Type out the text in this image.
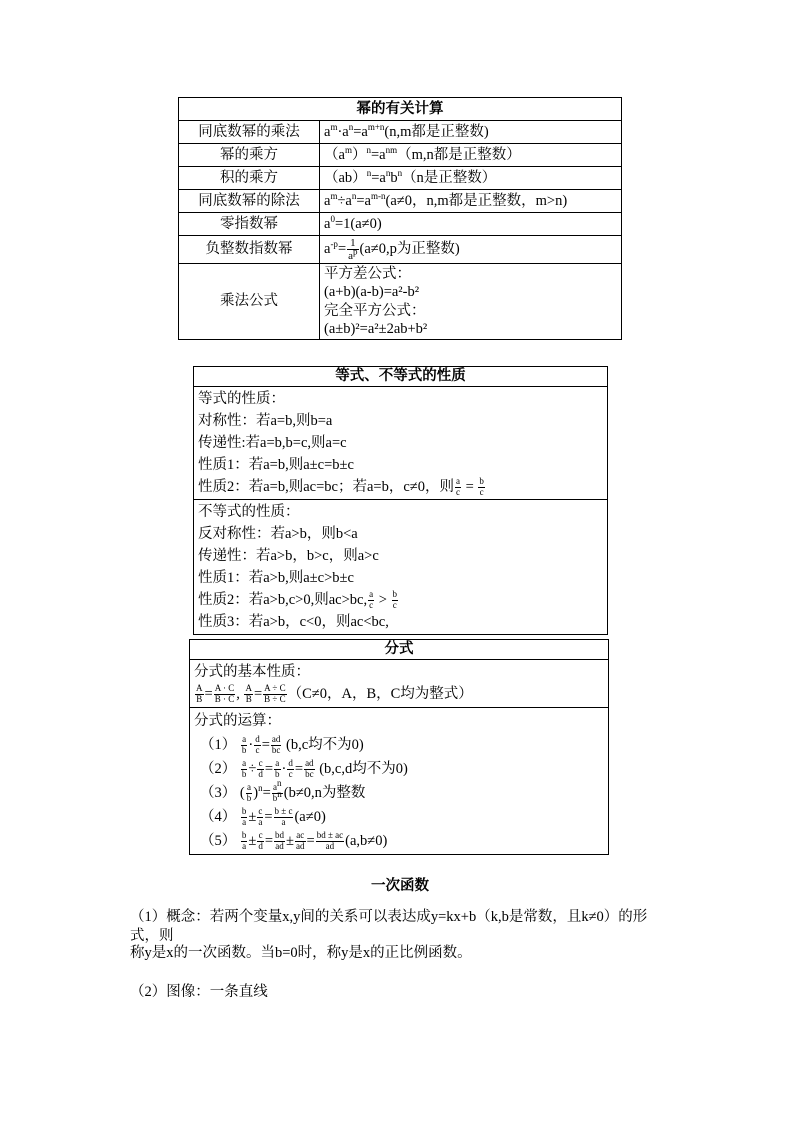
幂的有关计算	
同底数幂的乘法	$a^m\cdot a^n=a^{m+n}(n,m$都是正整数)
幂的乘方	$(a^m)^n=a^{nm}(m,n$都是正整数）
积的乘方	$(ab)^n=a^nb^n(n$是正整数）
同底数幂的除法	$a^m\div a^n=a^{m-n}(a\ne 0$，n,m都是正整数，m>n)
零指数幂	$a^0=1(a\ne 0)$
负整数指数幂	$a^{-p}= \frac{1}{a^p} (a\ne 0,p$为正整数)
乘法公式	平方差公式：
(a+b)(a-b)=a²-b²
完全平方公式：
(a±b)²=a²±2ab+b²
等式、不等式的性质

等式的性质：
对称性：若a=b,则b=a
传递性:若a=b,b=c,则a=c
性质1：若a=b,则a±c=b±c
性质2：若a=b,则ac=bc；若a=b，c≠0，则 $\frac{a}{c} = \frac{b}{c}$

不等式的性质：
反对称性：若a>b，则b<a
传递性：若a>b，b>c，则a>c
性质1：若a>b,则a±c>b±c
性质2：若a>b,c>0,则ac>bc, $\frac{a}{c} > \frac{b}{c}$
性质3：若a>b，c<0，则ac<bc,
分式

分式的基本性质：
$\frac{A}{B} = \frac{A \cdot C}{B \cdot C}$ , $\frac{A}{B} = \frac{A \div C}{B \div C} (C\ne 0$，A，B，C均为整式）

分式的运算：
$(1) \frac{a}{b} \cdot \frac{d}{c} = \frac{ad}{bc} (b,c$均不为0)
$(2) \frac{a}{b} \div \frac{c}{d} = \frac{a}{b} \cdot \frac{d}{c} = \frac{ad}{bc} (b,c,d$均不为0)
（3） ( $\frac{a}{b} )^n= \frac{a^n}{b^n} (b\ne 0,n$为整数
$(4) \frac{b}{a} \pm \frac{c}{a} = \frac{b \pm c}{a} (a\ne 0)$
$(5) \frac{b}{a} \pm \frac{c}{d} = \frac{bd}{ad} \pm \frac{ac}{ad} = \frac{bd \pm ac}{ad} (a,b\ne 0)$
一次函数
（1）概念：若两个变量x,y间的关系可以表达成y=kx+b（k,b是常数，且k≠0）的形式，则
称y是x的一次函数。当b=0时，称y是x的正比例函数。
（2）图像：一条直线
